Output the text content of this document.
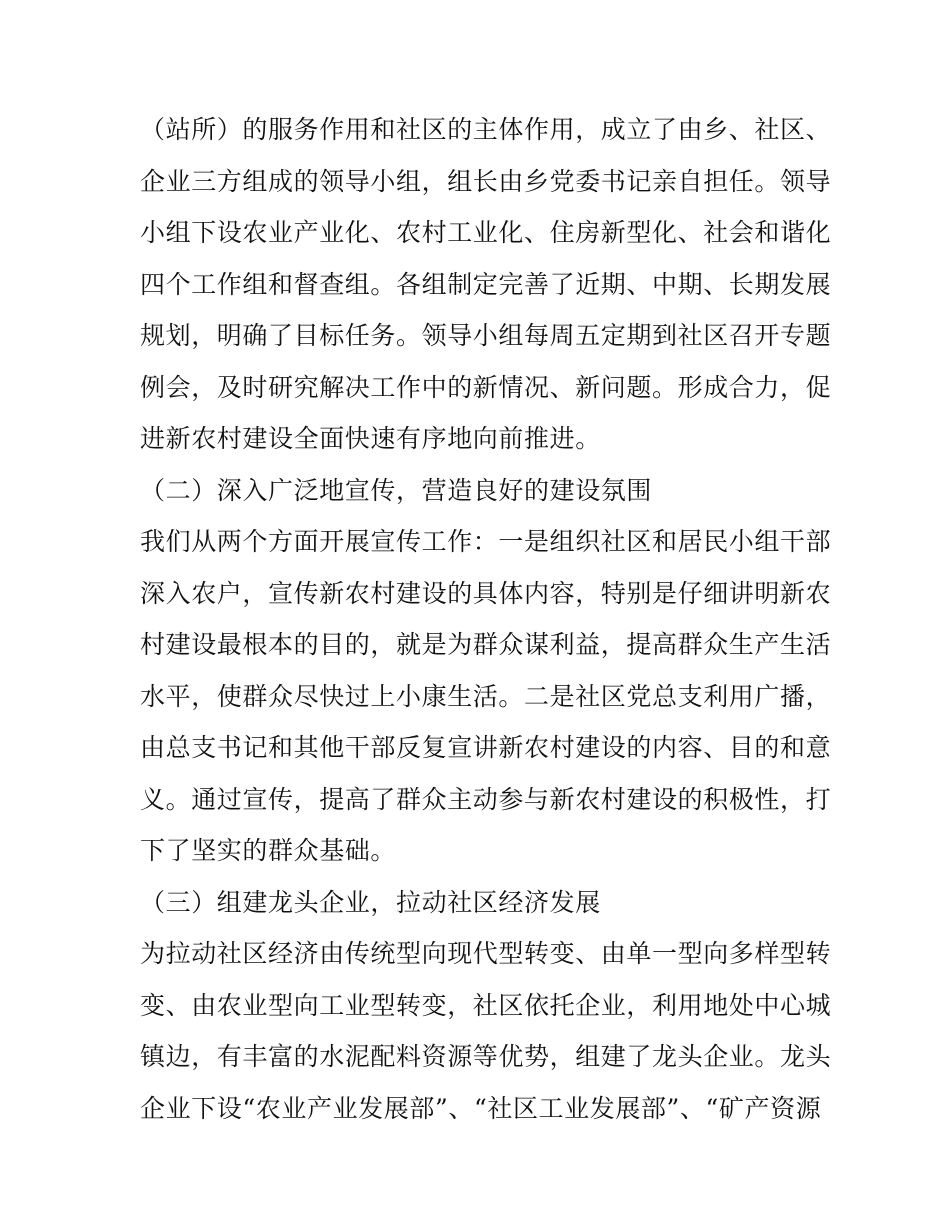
（站所）的服务作用和社区的主体作用，成立了由乡、社区、
企业三方组成的领导小组，组长由乡党委书记亲自担任。领导
小组下设农业产业化、农村工业化、住房新型化、社会和谐化
四个工作组和督查组。各组制定完善了近期、中期、长期发展
规划，明确了目标任务。领导小组每周五定期到社区召开专题
例会，及时研究解决工作中的新情况、新问题。形成合力，促
进新农村建设全面快速有序地向前推进。
（二）深入广泛地宣传，营造良好的建设氛围
我们从两个方面开展宣传工作：一是组织社区和居民小组干部
深入农户，宣传新农村建设的具体内容，特别是仔细讲明新农
村建设最根本的目的，就是为群众谋利益，提高群众生产生活
水平，使群众尽快过上小康生活。二是社区党总支利用广播，
由总支书记和其他干部反复宣讲新农村建设的内容、目的和意
义。通过宣传，提高了群众主动参与新农村建设的积极性，打
下了坚实的群众基础。
（三）组建龙头企业，拉动社区经济发展
为拉动社区经济由传统型向现代型转变、由单一型向多样型转
变、由农业型向工业型转变，社区依托企业，利用地处中心城
镇边，有丰富的水泥配料资源等优势，组建了龙头企业。龙头
企业下设“农业产业发展部”、“社区工业发展部”、“矿产资源
